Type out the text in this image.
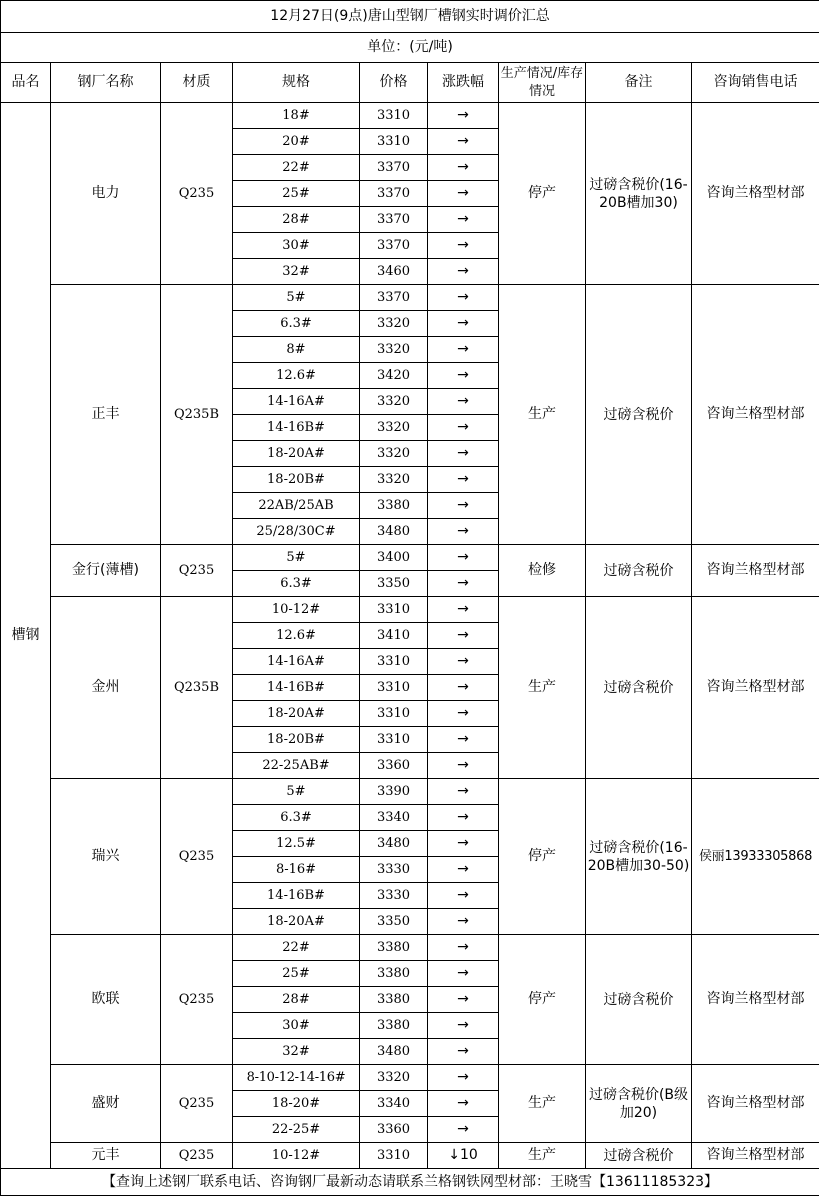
12月27日(9点)唐山型钢厂槽钢实时调价汇总								
单位：(元/吨)								
品名	钢厂名称	材质	规格	价格	涨跌幅	生产情况/库存情况	备注	咨询销售电话
槽钢	电力	Q235	18#	3310	→	停产	过磅含税价(16-20B槽加30)	咨询兰格型材部
			20#	3310	→			
			22#	3370	→			
			25#	3370	→			
			28#	3370	→			
			30#	3370	→			
			32#	3460	→			
	正丰	Q235B	5#	3370	→	生产	过磅含税价	咨询兰格型材部
			6.3#	3320	→			
			8#	3320	→			
			12.6#	3420	→			
			14-16A#	3320	→			
			14-16B#	3320	→			
			18-20A#	3320	→			
			18-20B#	3320	→			
			22AB/25AB	3380	→			
			25/28/30C#	3480	→			
	金行(薄槽)	Q235	5#	3400	→	检修	过磅含税价	咨询兰格型材部
			6.3#	3350	→			
	金州	Q235B	10-12#	3310	→	生产	过磅含税价	咨询兰格型材部
			12.6#	3410	→			
			14-16A#	3310	→			
			14-16B#	3310	→			
			18-20A#	3310	→			
			18-20B#	3310	→			
			22-25AB#	3360	→			
	瑞兴	Q235	5#	3390	→	停产	过磅含税价(16-20B槽加30-50)	侯丽13933305868
			6.3#	3340	→			
			12.5#	3480	→			
			8-16#	3330	→			
			14-16B#	3330	→			
			18-20A#	3350	→			
	欧联	Q235	22#	3380	→	停产	过磅含税价	咨询兰格型材部
			25#	3380	→			
			28#	3380	→			
			30#	3380	→			
			32#	3480	→			
	盛财	Q235	8-10-12-14-16#	3320	→	生产	过磅含税价(B级加20)	咨询兰格型材部
			18-20#	3340	→			
			22-25#	3360	→			
	元丰	Q235	10-12#	3310	↓10	生产	过磅含税价	咨询兰格型材部
【查询上述钢厂联系电话、咨询钢厂最新动态请联系兰格钢铁网型材部：王晓雪【13611185323】								
